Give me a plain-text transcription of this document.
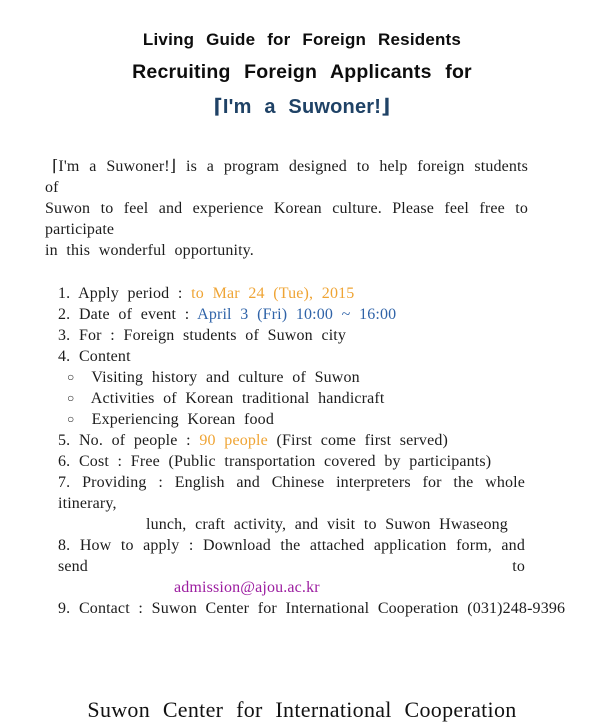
Living Guide for Foreign Residents
Recruiting Foreign Applicants for
⌈I'm a Suwoner!⌋
⌈I'm a Suwoner!⌋ is a program designed to help foreign students of
Suwon to feel and experience Korean culture. Please feel free to participate
in this wonderful opportunity.
1. Apply period : to Mar 24 (Tue), 2015
2. Date of event : April 3 (Fri) 10:00 ~ 16:00
3. For : Foreign students of Suwon city
4. Content
○ Visiting history and culture of Suwon
○ Activities of Korean traditional handicraft
○ Experiencing Korean food
5. No. of people : 90 people (First come first served)
6. Cost : Free (Public transportation covered by participants)
7. Providing : English and Chinese interpreters for the whole itinerary,
lunch, craft activity, and visit to Suwon Hwaseong
8. How to apply : Download the attached application form, and send to
admission@ajou.ac.kr
9. Contact : Suwon Center for International Cooperation (031)248-9396
Suwon Center for International Cooperation
